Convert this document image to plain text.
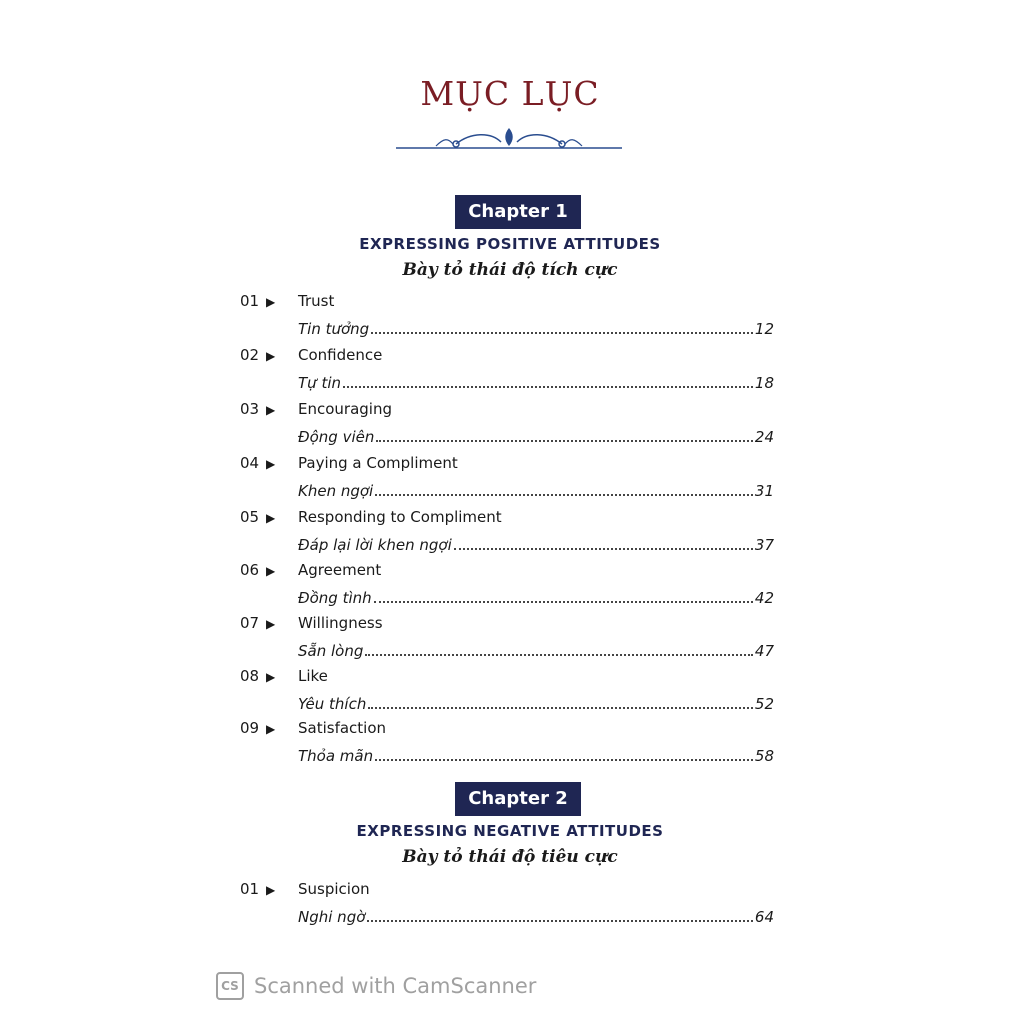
MỤC LỤC
Chapter 1
EXPRESSING POSITIVE ATTITUDES
Bày tỏ thái độ tích cực
01 ▶ Trust
Tin tưởng	12
02 ▶ Confidence
Tự tin	18
03 ▶ Encouraging
Động viên	24
04 ▶ Paying a Compliment
Khen ngợi	31
05 ▶ Responding to Compliment
Đáp lại lời khen ngợi	37
06 ▶ Agreement
Đồng tình	42
07 ▶ Willingness
Sẵn lòng	47
08 ▶ Like
Yêu thích	52
09 ▶ Satisfaction
Thỏa mãn	58
Chapter 2
EXPRESSING NEGATIVE ATTITUDES
Bày tỏ thái độ tiêu cực
01 ▶ Suspicion
Nghi ngờ	64
CS Scanned with CamScanner
